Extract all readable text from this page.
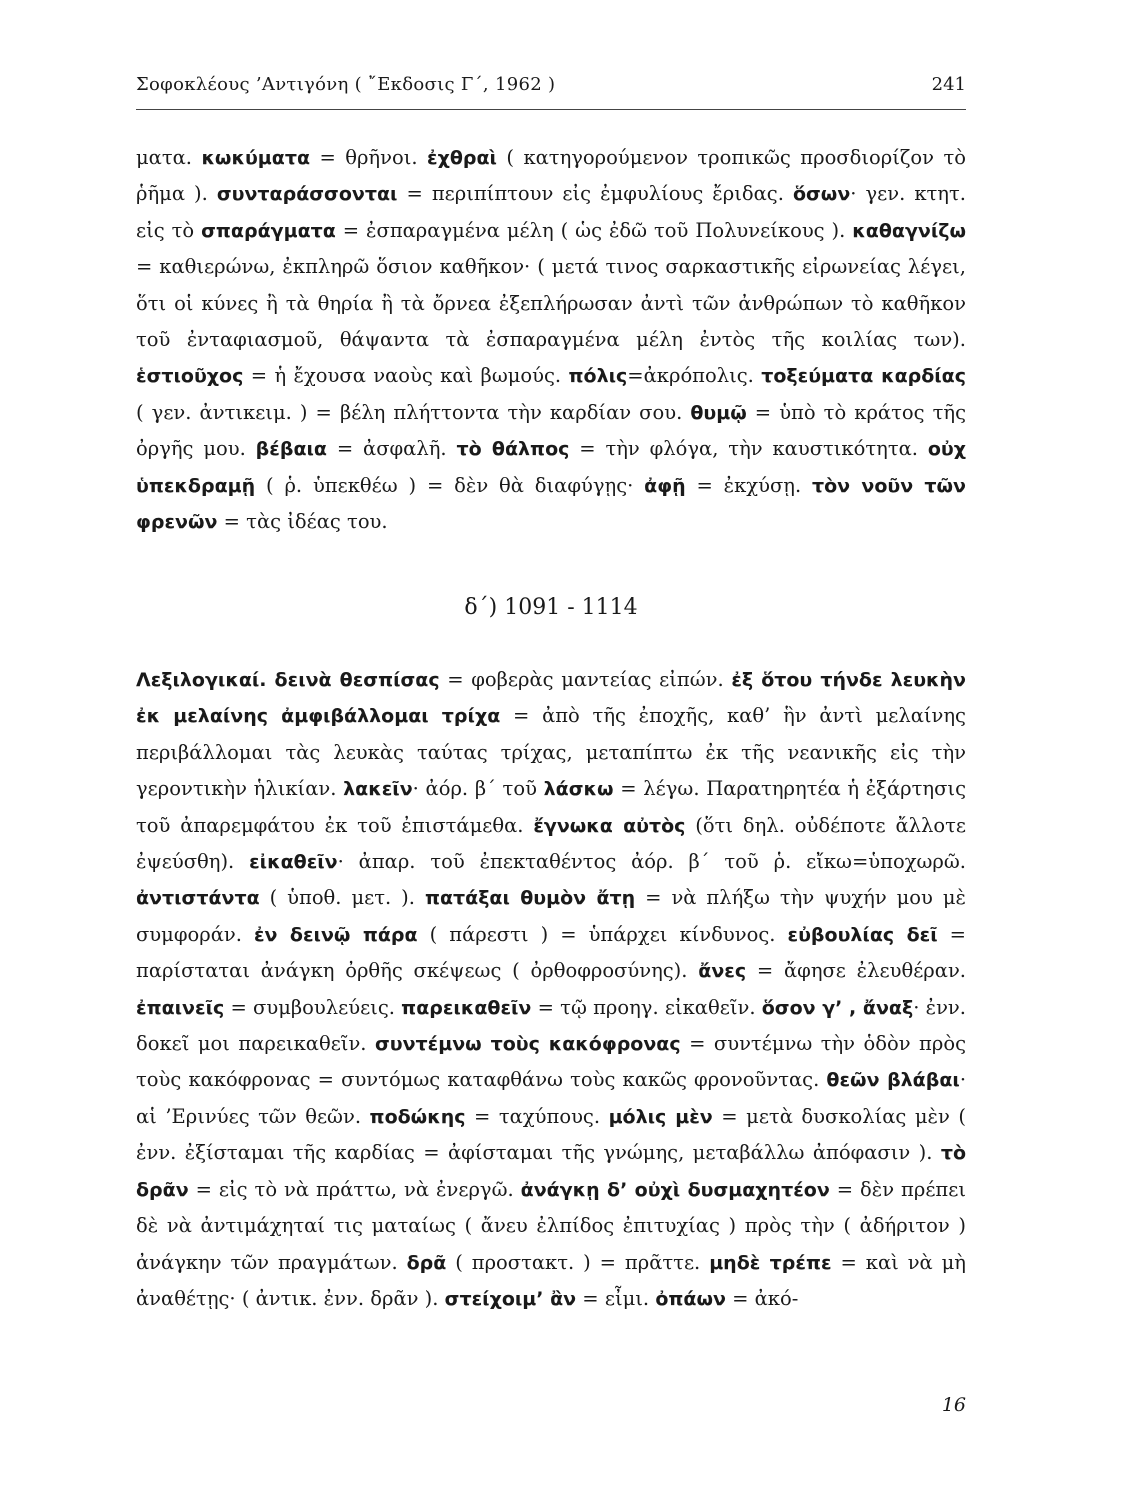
Σοφοκλέους ’Αντιγόνη ( ῎Εκδοσις Γ΄, 1962 )	241

ματα. κωκύματα = θρῆνοι. ἐχθραὶ ( κατηγορούμενον τροπικῶς προσδιορίζον τὸ ῥῆμα ). συνταράσσονται = περιπίπτουν εἰς ἐμφυλίους ἔριδας. ὅσων· γεν. κτητ. εἰς τὸ σπαράγματα = ἐσπαραγμένα μέλη ( ὡς ἐδῶ τοῦ Πολυνείκους ). καθαγνίζω = καθιερώνω, ἐκπληρῶ ὅσιον καθῆκον· ( μετά τινος σαρκαστικῆς εἰρωνείας λέγει, ὅτι οἱ κύνες ἢ τὰ θηρία ἢ τὰ ὄρνεα ἐξεπλήρωσαν ἀντὶ τῶν ἀνθρώπων τὸ καθῆκον τοῦ ἐνταφιασμοῦ, θάψαντα τὰ ἐσπαραγμένα μέλη ἐντὸς τῆς κοιλίας των). ἑστιοῦχος = ἡ ἔχουσα ναοὺς καὶ βωμούς. πόλις=ἀκρόπολις. τοξεύματα καρδίας ( γεν. ἀντικειμ. ) = βέλη πλήττοντα τὴν καρδίαν σου. θυμῷ = ὑπὸ τὸ κράτος τῆς ὀργῆς μου. βέβαια = ἀσφαλῆ. τὸ θάλπος = τὴν φλόγα, τὴν καυστικότητα. οὐχ ὑπεκδραμῇ ( ῥ. ὑπεκθέω ) = δὲν θὰ διαφύγῃς· ἀφῇ = ἐκχύσῃ. τὸν νοῦν τῶν φρενῶν = τὰς ἰδέας του.

δ΄) 1091 - 1114

Λεξιλογικαί. δεινὰ θεσπίσας = φοβερὰς μαντείας εἰπών. ἐξ ὅτου τήνδε λευκὴν ἐκ μελαίνης ἀμφιβάλλομαι τρίχα = ἀπὸ τῆς ἐποχῆς, καθ’ ἣν ἀντὶ μελαίνης περιβάλλομαι τὰς λευκὰς ταύτας τρίχας, μεταπίπτω ἐκ τῆς νεανικῆς εἰς τὴν γεροντικὴν ἡλικίαν. λακεῖν· ἀόρ. β΄ τοῦ λάσκω = λέγω. Παρατηρητέα ἡ ἐξάρτησις τοῦ ἀπαρεμφάτου ἐκ τοῦ ἐπιστάμεθα. ἔγνωκα αὐτὸς (ὅτι δηλ. οὐδέποτε ἄλλοτε ἐψεύσθη). εἰκαθεῖν· ἀπαρ. τοῦ ἐπεκταθέντος ἀόρ. β΄ τοῦ ῥ. εἴκω=ὑποχωρῶ. ἀντιστάντα ( ὑποθ. μετ. ). πατάξαι θυμὸν ἄτῃ = νὰ πλήξω τὴν ψυχήν μου μὲ συμφοράν. ἐν δεινῷ πάρα ( πάρεστι ) = ὑπάρχει κίνδυνος. εὐβουλίας δεῖ = παρίσταται ἀνάγκη ὀρθῆς σκέψεως ( ὀρθοφροσύνης). ἄνες = ἄφησε ἐλευθέραν. ἐπαινεῖς = συμβουλεύεις. παρεικαθεῖν = τῷ προηγ. εἰκαθεῖν. ὅσον γ’ , ἄναξ· ἐνν. δοκεῖ μοι παρεικαθεῖν. συντέμνω τοὺς κακόφρονας = συντέμνω τὴν ὁδὸν πρὸς τοὺς κακόφρονας = συντόμως καταφθάνω τοὺς κακῶς φρονοῦντας. θεῶν βλάβαι· αἱ ’Ερινύες τῶν θεῶν. ποδώκης = ταχύπους. μόλις μὲν = μετὰ δυσκολίας μὲν ( ἐνν. ἐξίσταμαι τῆς καρδίας = ἀφίσταμαι τῆς γνώμης, μεταβάλλω ἀπόφασιν ). τὸ δρᾶν = εἰς τὸ νὰ πράττω, νὰ ἐνεργῶ. ἀνάγκῃ δ’ οὐχὶ δυσμαχητέον = δὲν πρέπει δὲ νὰ ἀντιμάχηταί τις ματαίως ( ἄνευ ἐλπίδος ἐπιτυχίας ) πρὸς τὴν ( ἀδήριτον ) ἀνάγκην τῶν πραγμάτων. δρᾶ ( προστακτ. ) = πρᾶττε. μηδὲ τρέπε = καὶ νὰ μὴ ἀναθέτῃς· ( ἀντικ. ἐνν. δρᾶν ). στείχοιμ’ ἂν = εἶμι. ὀπάων = ἀκό-

16
